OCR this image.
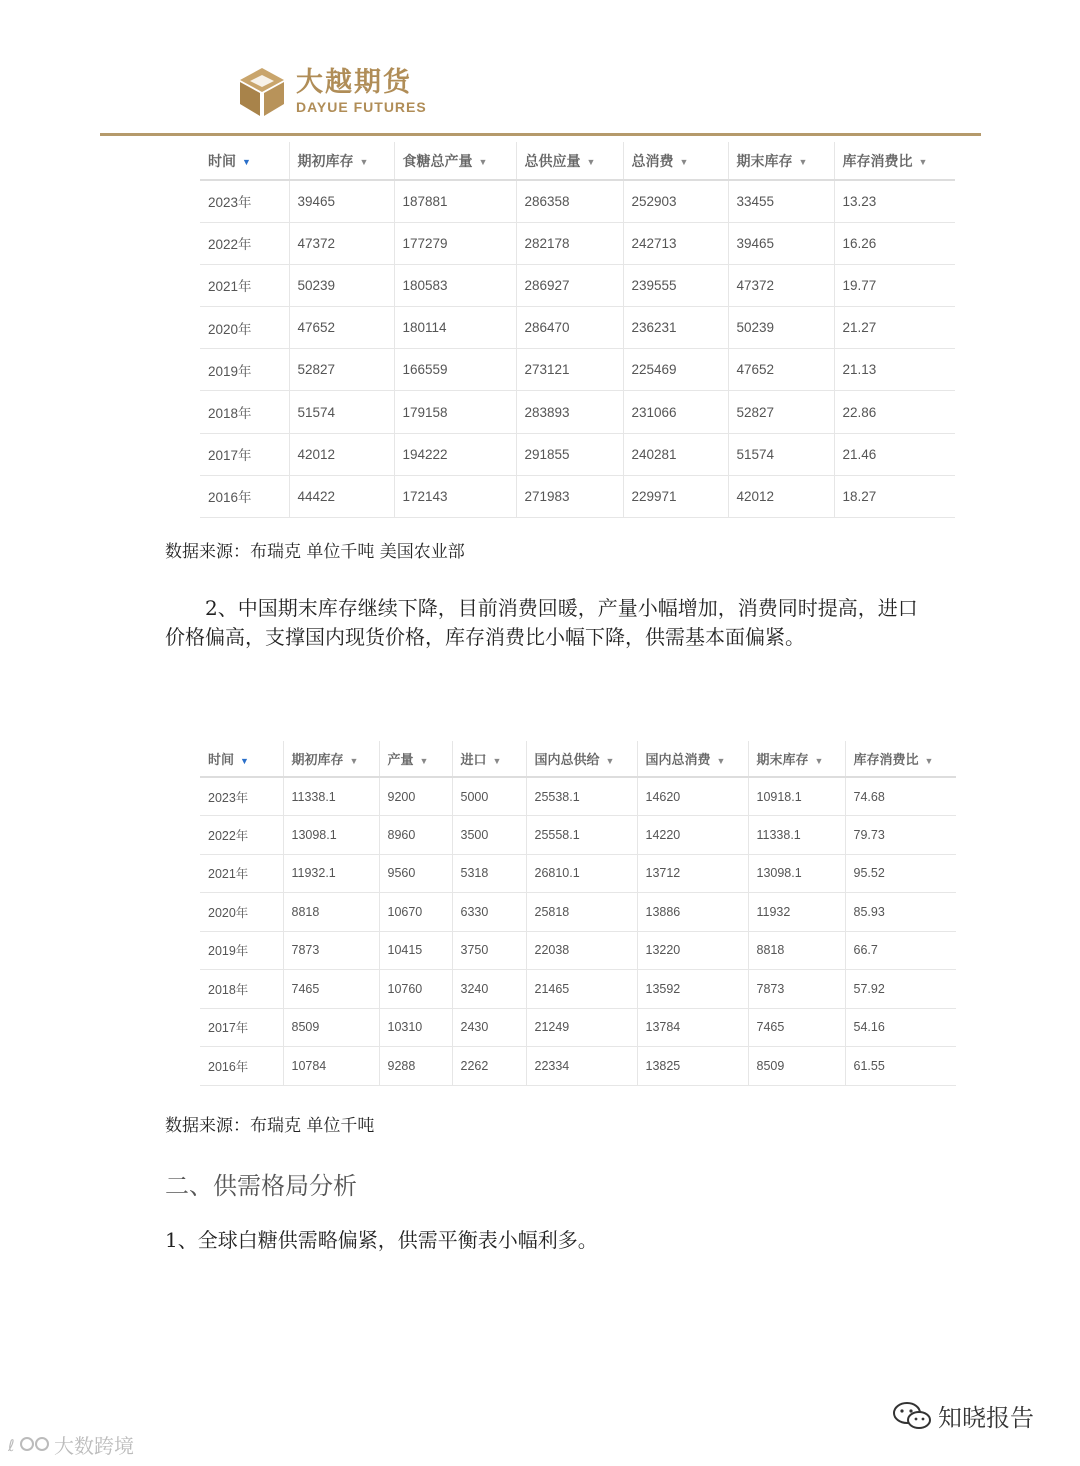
大越期货
DAYUE FUTURES
时间 ▼	期初库存 ▼	食糖总产量 ▼	总供应量 ▼	总消费 ▼	期末库存 ▼	库存消费比 ▼
2023年	39465	187881	286358	252903	33455	13.23
2022年	47372	177279	282178	242713	39465	16.26
2021年	50239	180583	286927	239555	47372	19.77
2020年	47652	180114	286470	236231	50239	21.27
2019年	52827	166559	273121	225469	47652	21.13
2018年	51574	179158	283893	231066	52827	22.86
2017年	42012	194222	291855	240281	51574	21.46
2016年	44422	172143	271983	229971	42012	18.27
数据来源：布瑞克 单位千吨 美国农业部
2、中国期末库存继续下降，目前消费回暖，产量小幅增加，消费同时提高，进口价格偏高，支撑国内现货价格，库存消费比小幅下降，供需基本面偏紧。
时间 ▼	期初库存 ▼	产量 ▼	进口 ▼	国内总供给 ▼	国内总消费 ▼	期末库存 ▼	库存消费比 ▼
2023年	11338.1	9200	5000	25538.1	14620	10918.1	74.68
2022年	13098.1	8960	3500	25558.1	14220	11338.1	79.73
2021年	11932.1	9560	5318	26810.1	13712	13098.1	95.52
2020年	8818	10670	6330	25818	13886	11932	85.93
2019年	7873	10415	3750	22038	13220	8818	66.7
2018年	7465	10760	3240	21465	13592	7873	57.92
2017年	8509	10310	2430	21249	13784	7465	54.16
2016年	10784	9288	2262	22334	13825	8509	61.55
数据来源：布瑞克 单位千吨
二、供需格局分析
1、全球白糖供需略偏紧，供需平衡表小幅利多。
ℓ 大数跨境
知晓报告
